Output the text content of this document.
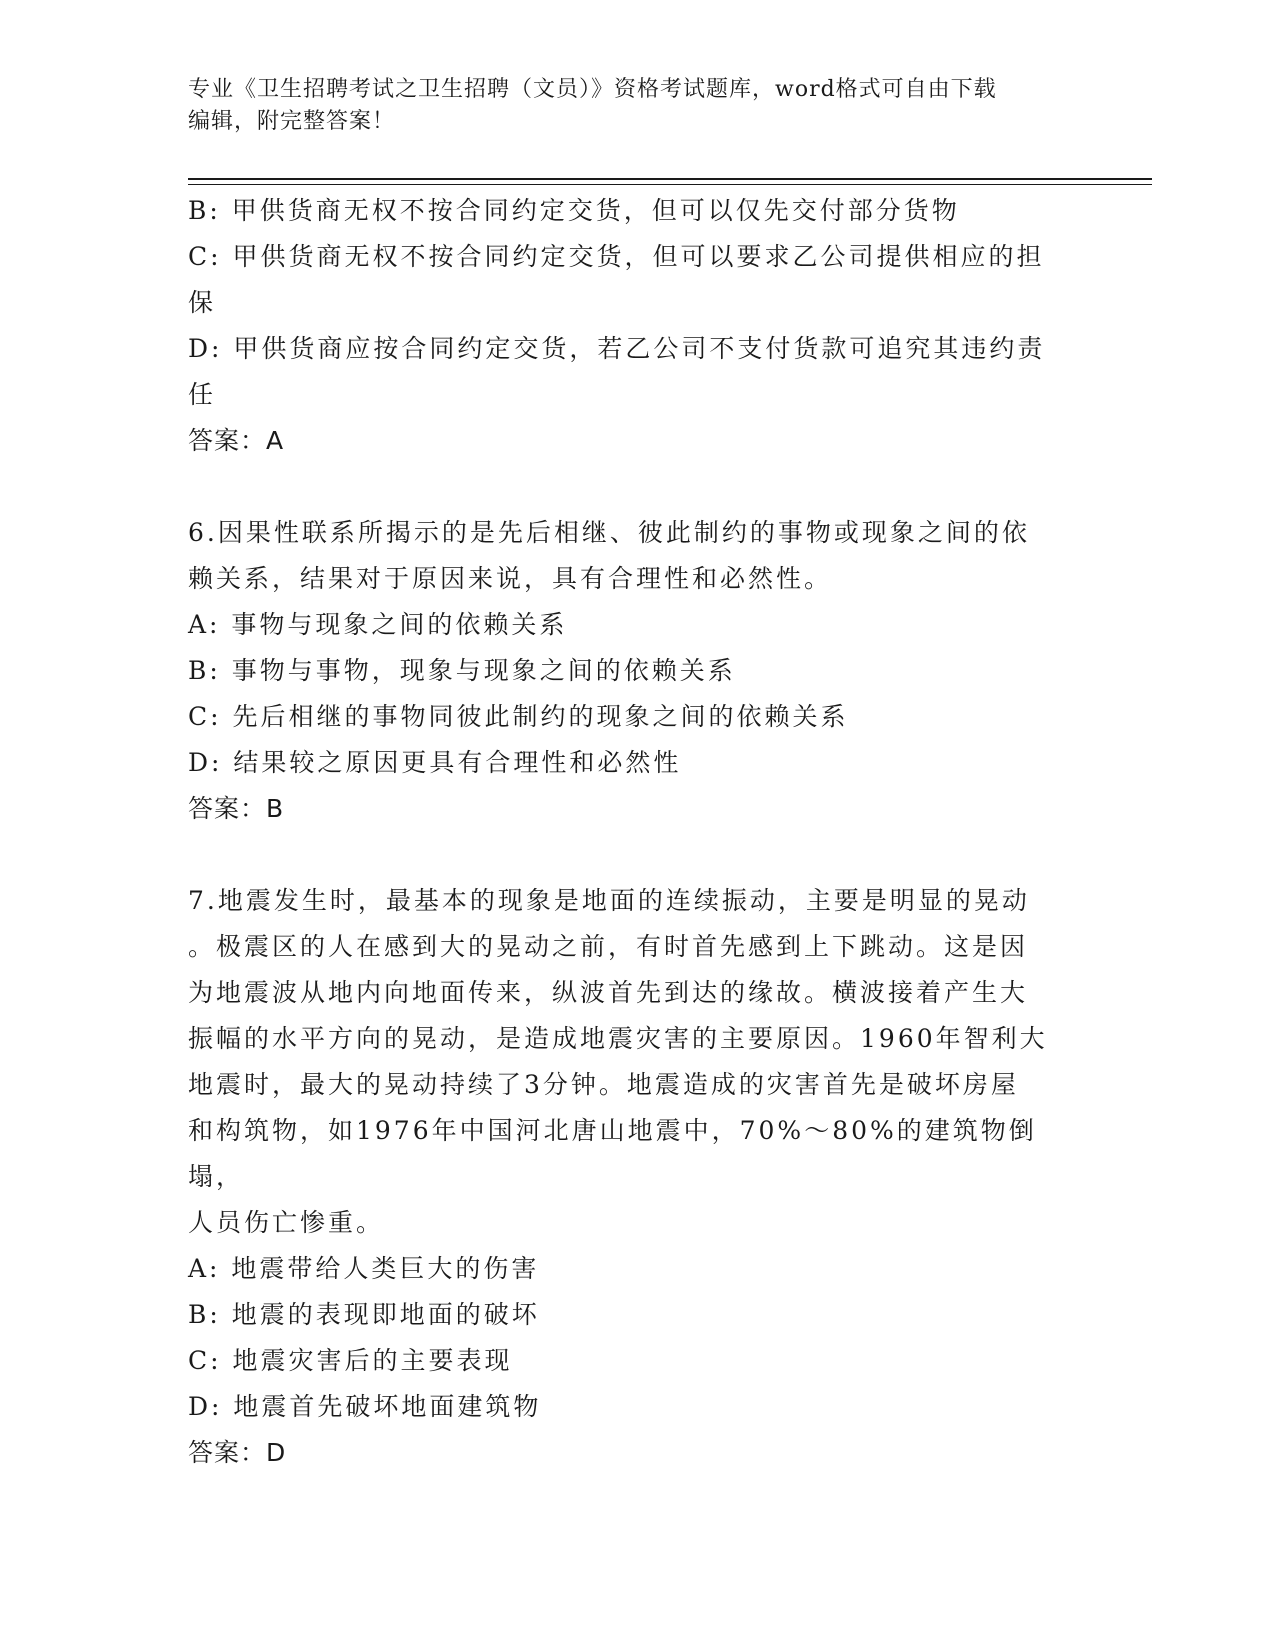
专业《卫生招聘考试之卫生招聘（文员）》资格考试题库，word格式可自由下载

编辑，附完整答案！

B: 甲供货商无权不按合同约定交货，但可以仅先交付部分货物

C: 甲供货商无权不按合同约定交货，但可以要求乙公司提供相应的担

保

D: 甲供货商应按合同约定交货，若乙公司不支付货款可追究其违约责

任

答案：A

6.因果性联系所揭示的是先后相继、彼此制约的事物或现象之间的依

赖关系，结果对于原因来说，具有合理性和必然性。

A: 事物与现象之间的依赖关系

B: 事物与事物，现象与现象之间的依赖关系

C: 先后相继的事物同彼此制约的现象之间的依赖关系

D: 结果较之原因更具有合理性和必然性

答案：B

7.地震发生时，最基本的现象是地面的连续振动，主要是明显的晃动

。极震区的人在感到大的晃动之前，有时首先感到上下跳动。这是因

为地震波从地内向地面传来，纵波首先到达的缘故。横波接着产生大

振幅的水平方向的晃动，是造成地震灾害的主要原因。1960年智利大

地震时，最大的晃动持续了3分钟。地震造成的灾害首先是破坏房屋

和构筑物，如1976年中国河北唐山地震中，70%～80%的建筑物倒塌，

人员伤亡惨重。

A: 地震带给人类巨大的伤害

B: 地震的表现即地面的破坏

C: 地震灾害后的主要表现

D: 地震首先破坏地面建筑物

答案：D
